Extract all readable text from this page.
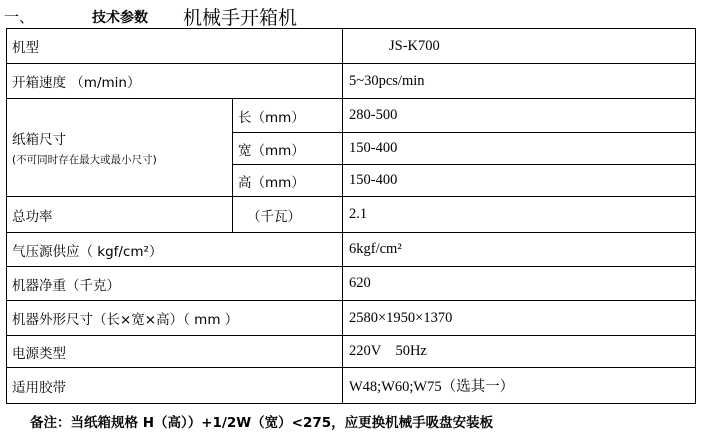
一、	技术参数 机械手开箱机
机型		JS-K700
开箱速度 （m/min）		5~30pcs/min

纸箱尺寸
(不可同时存在最大或最小尺寸)	长（mm）	280-500
	宽（mm）	150-400
	高（mm）	150-400
总功率	（千瓦）	2.1
气压源供应（ kgf/cm²）		6kgf/cm²
机器净重（千克）		620
机器外形尺寸（长×宽×高）（ mm ）		2580×1950×1370
电源类型		220V    50Hz
适用胶带		W48;W60;W75（选其一）
备注：当纸箱规格 H（高））+1/2W（宽）<275，应更换机械手吸盘安装板
